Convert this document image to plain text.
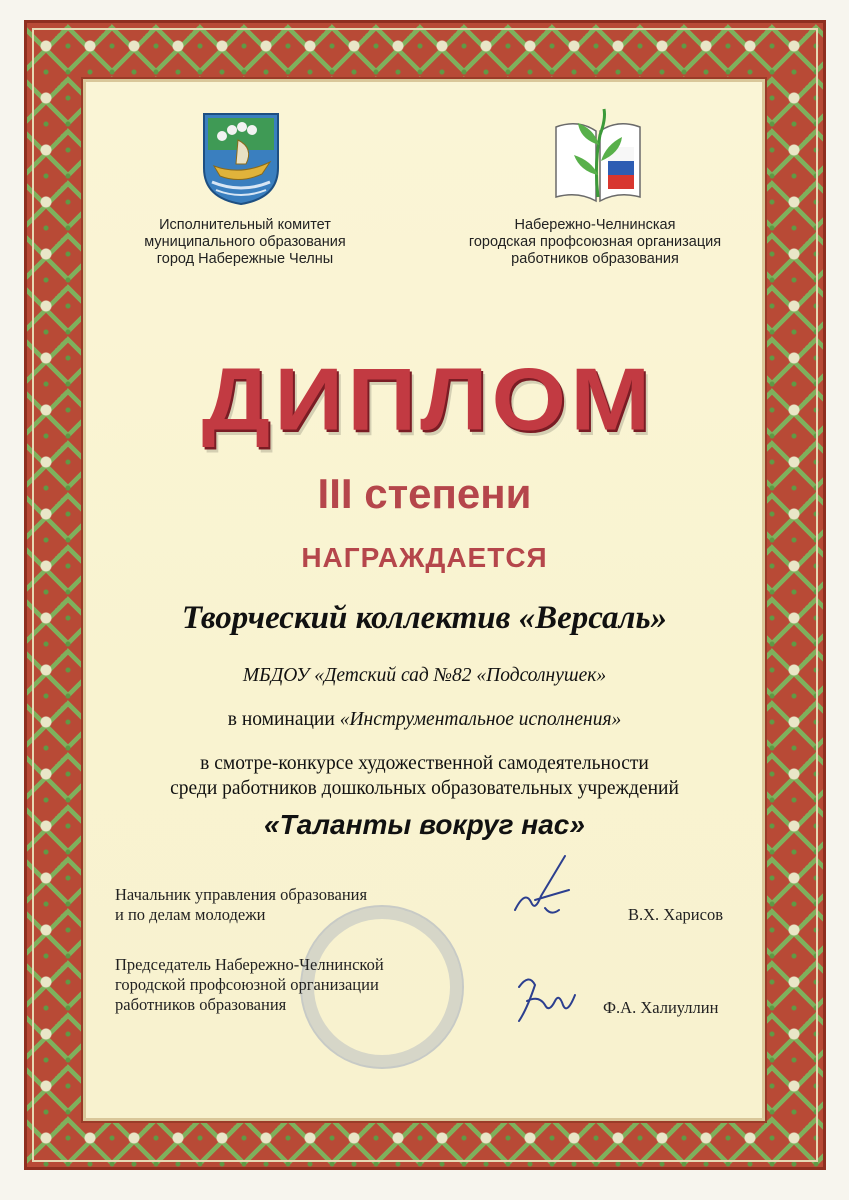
Исполнительный комитет
муниципального образования
город Набережные Челны
Набережно-Челнинская
городская профсоюзная организация
работников образования
ДИПЛОМ
III степени
НАГРАЖДАЕТСЯ
Творческий коллектив «Версаль»
МБДОУ «Детский сад №82 «Подсолнушек»
в номинации «Инструментальное исполнения»
в смотре-конкурсе художественной самодеятельности
среди работников дошкольных образовательных учреждений
«Таланты вокруг нас»
Начальник управления образования
и по делам молодежи	В.Х. Харисов
Председатель Набережно-Челнинской
городской профсоюзной организации
работников образования	Ф.А. Халиуллин
